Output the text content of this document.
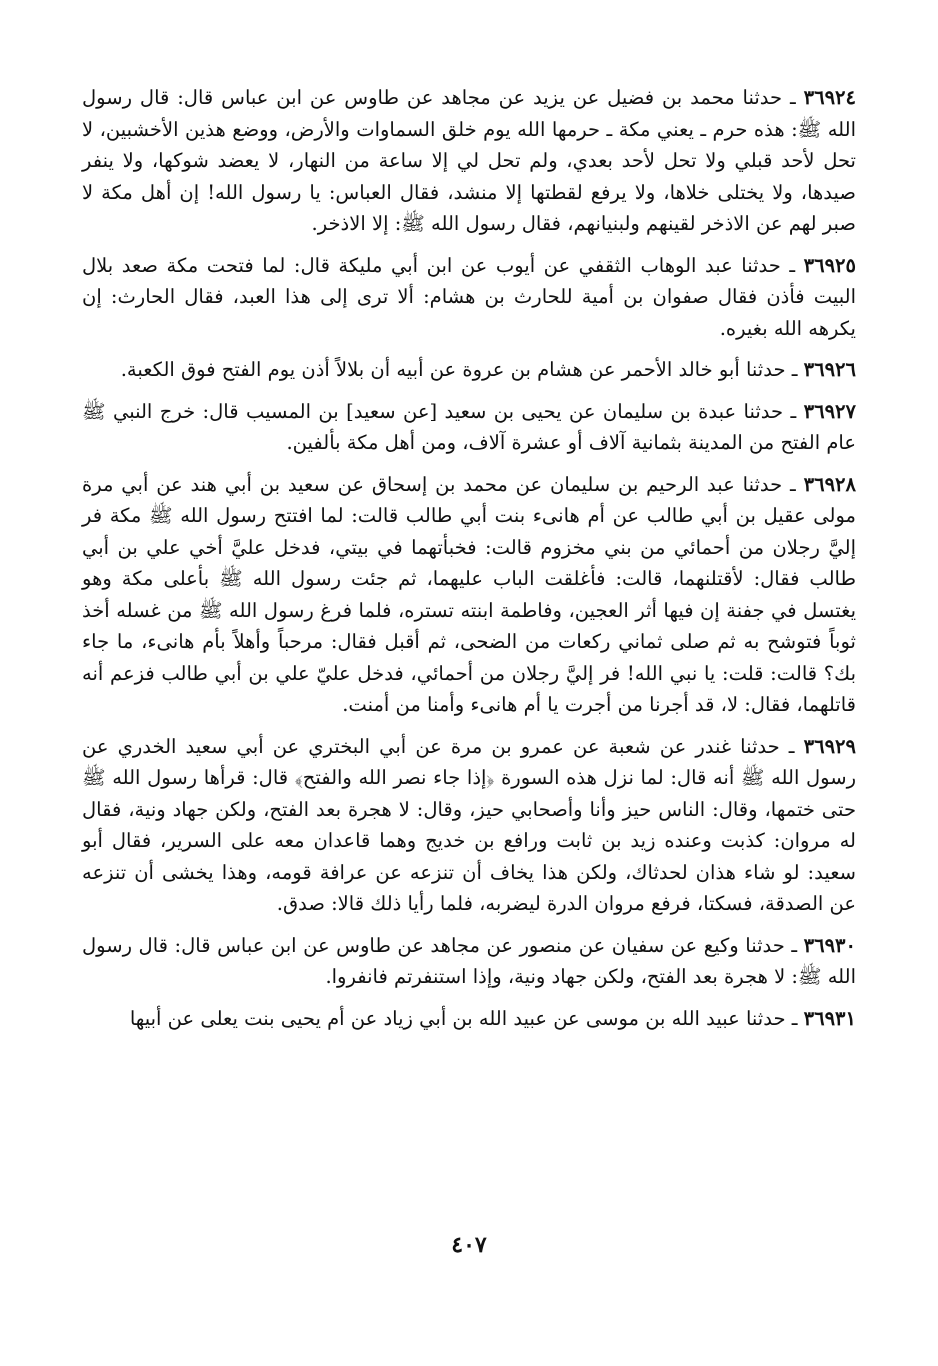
٣٦٩٢٤ ـ حدثنا محمد بن فضيل عن يزيد عن مجاهد عن طاوس عن ابن عباس قال: قال رسول الله ﷺ: هذه حرم ـ يعني مكة ـ حرمها الله يوم خلق السماوات والأرض، ووضع هذين الأخشبين، لا تحل لأحد قبلي ولا تحل لأحد بعدي، ولم تحل لي إلا ساعة من النهار، لا يعضد شوكها، ولا ينفر صيدها، ولا يختلى خلاها، ولا يرفع لقطتها إلا منشد، فقال العباس: يا رسول الله! إن أهل مكة لا صبر لهم عن الاذخر لقينهم ولبنيانهم، فقال رسول الله ﷺ: إلا الاذخر.

٣٦٩٢٥ ـ حدثنا عبد الوهاب الثقفي عن أيوب عن ابن أبي مليكة قال: لما فتحت مكة صعد بلال البيت فأذن فقال صفوان بن أمية للحارث بن هشام: ألا ترى إلى هذا العبد، فقال الحارث: إن يكرهه الله بغيره.

٣٦٩٢٦ ـ حدثنا أبو خالد الأحمر عن هشام بن عروة عن أبيه أن بلالاً أذن يوم الفتح فوق الكعبة.

٣٦٩٢٧ ـ حدثنا عبدة بن سليمان عن يحيى بن سعيد [عن سعيد] بن المسيب قال: خرج النبي ﷺ عام الفتح من المدينة بثمانية آلاف أو عشرة آلاف، ومن أهل مكة بألفين.

٣٦٩٢٨ ـ حدثنا عبد الرحيم بن سليمان عن محمد بن إسحاق عن سعيد بن أبي هند عن أبي مرة مولى عقيل بن أبي طالب عن أم هانىء بنت أبي طالب قالت: لما افتتح رسول الله ﷺ مكة فر إليَّ رجلان من أحمائي من بني مخزوم قالت: فخبأتهما في بيتي، فدخل عليَّ أخي علي بن أبي طالب فقال: لأقتلنهما، قالت: فأغلقت الباب عليهما، ثم جئت رسول الله ﷺ بأعلى مكة وهو يغتسل في جفنة إن فيها أثر العجين، وفاطمة ابنته تستره، فلما فرغ رسول الله ﷺ من غسله أخذ ثوباً فتوشح به ثم صلى ثماني ركعات من الضحى، ثم أقبل فقال: مرحباً وأهلاً بأم هانىء، ما جاء بك؟ قالت: قلت: يا نبي الله! فر إليَّ رجلان من أحمائي، فدخل عليّ علي بن أبي طالب فزعم أنه قاتلهما، فقال: لا، قد أجرنا من أجرت يا أم هانىء وأمنا من أمنت.

٣٦٩٢٩ ـ حدثنا غندر عن شعبة عن عمرو بن مرة عن أبي البختري عن أبي سعيد الخدري عن رسول الله ﷺ أنه قال: لما نزل هذه السورة ﴿إذا جاء نصر الله والفتح﴾ قال: قرأها رسول الله ﷺ حتى ختمها، وقال: الناس حيز وأنا وأصحابي حيز، وقال: لا هجرة بعد الفتح، ولكن جهاد ونية، فقال له مروان: كذبت وعنده زيد بن ثابت ورافع بن خديج وهما قاعدان معه على السرير، فقال أبو سعيد: لو شاء هذان لحدثاك، ولكن هذا يخاف أن تنزعه عن عرافة قومه، وهذا يخشى أن تنزعه عن الصدقة، فسكتا، فرفع مروان الدرة ليضربه، فلما رأيا ذلك قالا: صدق.

٣٦٩٣٠ ـ حدثنا وكيع عن سفيان عن منصور عن مجاهد عن طاوس عن ابن عباس قال: قال رسول الله ﷺ: لا هجرة بعد الفتح، ولكن جهاد ونية، وإذا استنفرتم فانفروا.

٣٦٩٣١ ـ حدثنا عبيد الله بن موسى عن عبيد الله بن أبي زياد عن أم يحيى بنت يعلى عن أبيها

٤٠٧
